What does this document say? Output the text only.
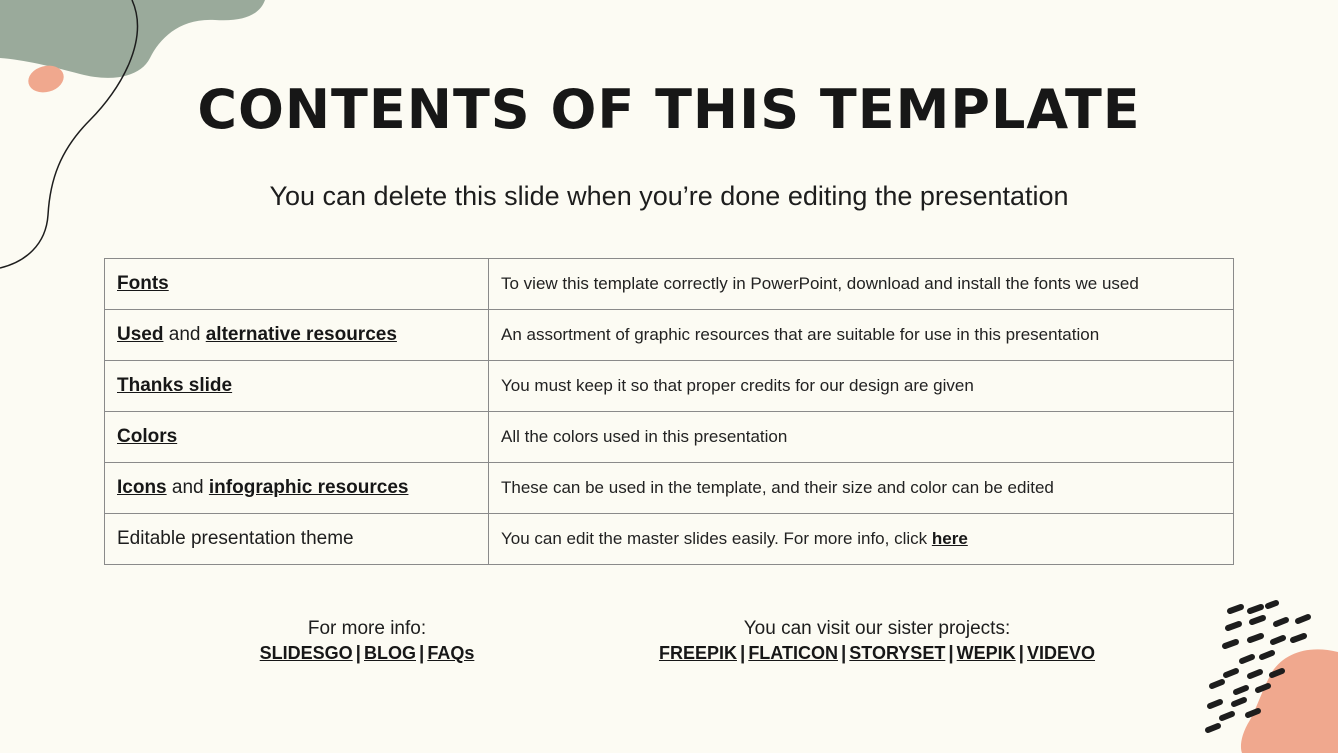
CONTENTS OF THIS TEMPLATE
You can delete this slide when you’re done editing the presentation
Fonts	To view this template correctly in PowerPoint, download and install the fonts we used
Used and alternative resources	An assortment of graphic resources that are suitable for use in this presentation
Thanks slide	You must keep it so that proper credits for our design are given
Colors	All the colors used in this presentation
Icons and infographic resources	These can be used in the template, and their size and color can be edited
Editable presentation theme	You can edit the master slides easily. For more info, click here
For more info:
SLIDESGO | BLOG | FAQs
You can visit our sister projects:
FREEPIK | FLATICON | STORYSET | WEPIK | VIDEVO
